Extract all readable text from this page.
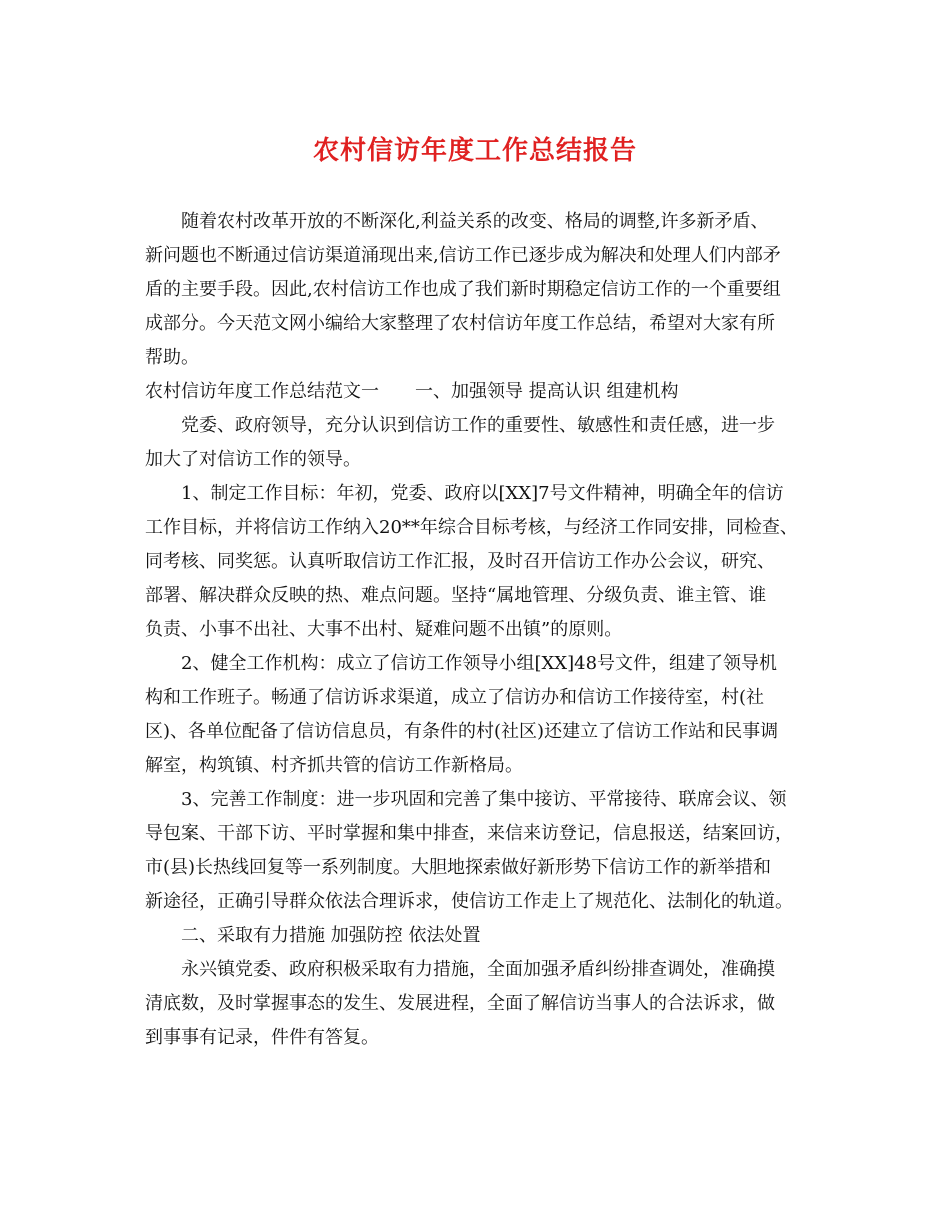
农村信访年度工作总结报告
随着农村改革开放的不断深化,利益关系的改变、格局的调整,许多新矛盾、
新问题也不断通过信访渠道涌现出来,信访工作已逐步成为解决和处理人们内部矛
盾的主要手段。因此,农村信访工作也成了我们新时期稳定信访工作的一个重要组
成部分。今天范文网小编给大家整理了农村信访年度工作总结，希望对大家有所
帮助。
农村信访年度工作总结范文一　　一、加强领导 提高认识 组建机构
党委、政府领导，充分认识到信访工作的重要性、敏感性和责任感，进一步
加大了对信访工作的领导。
1、制定工作目标：年初，党委、政府以[XX]7号文件精神，明确全年的信访
工作目标，并将信访工作纳入20**年综合目标考核，与经济工作同安排，同检查、
同考核、同奖惩。认真听取信访工作汇报，及时召开信访工作办公会议，研究、
部署、解决群众反映的热、难点问题。坚持“属地管理、分级负责、谁主管、谁
负责、小事不出社、大事不出村、疑难问题不出镇”的原则。
2、健全工作机构：成立了信访工作领导小组[XX]48号文件，组建了领导机
构和工作班子。畅通了信访诉求渠道，成立了信访办和信访工作接待室，村(社
区)、各单位配备了信访信息员，有条件的村(社区)还建立了信访工作站和民事调
解室，构筑镇、村齐抓共管的信访工作新格局。
3、完善工作制度：进一步巩固和完善了集中接访、平常接待、联席会议、领
导包案、干部下访、平时掌握和集中排查，来信来访登记，信息报送，结案回访，
市(县)长热线回复等一系列制度。大胆地探索做好新形势下信访工作的新举措和
新途径，正确引导群众依法合理诉求，使信访工作走上了规范化、法制化的轨道。
二、采取有力措施 加强防控 依法处置
永兴镇党委、政府积极采取有力措施，全面加强矛盾纠纷排查调处，准确摸
清底数，及时掌握事态的发生、发展进程，全面了解信访当事人的合法诉求，做
到事事有记录，件件有答复。
